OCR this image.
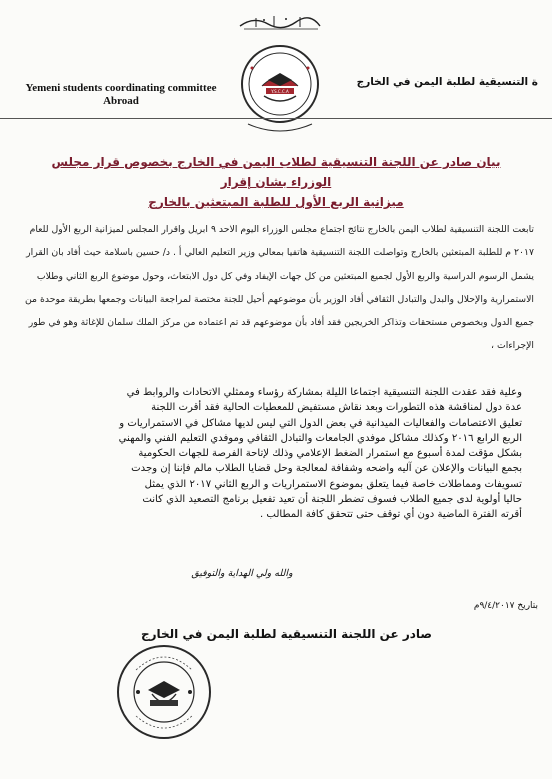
ة التنسيقية لطلبة اليمن في الخارج
Yemeni students coordinating committee
Abroad
Y.S.C.C.A
بيان صادر عن اللجنة التنسيقية لطلاب اليمن في الخارج بخصوص قرار مجلس الوزراء بشان إقرار
ميزانية الربع الأول للطلبة المبتعثين بالخارج
تابعت اللجنة التنسيقية لطلاب اليمن بالخارج نتائج اجتماع مجلس الوزراء اليوم الاحد ٩ ابريل واقرار المجلس لميزانية الربع الأول للعام
٢٠١٧ م للطلبة المبتعثين بالخارج وتواصلت اللجنة التنسيقية هاتفيا بمعالي وزير التعليم العالي أ . د/ حسين باسلامة حيث أفاد بان القرار
يشمل الرسوم الدراسية والربع الأول لجميع المبتعثين من كل جهات الإيفاد وفي كل دول الابتعاث، وحول موضوع الربع الثاني وطلاب
الاستمرارية والإحلال والبدل والتبادل الثقافي أفاد الوزير بأن موضوعهم أحيل للجنة مختصة لمراجعة البيانات وجمعها بطريقة موحدة من
جميع الدول وبخصوص مستحقات وتذاكر الخريجين فقد أفاد بأن موضوعهم قد تم اعتماده من مركز الملك سلمان للإغاثة وهو في طور
الإجراءات ،
وعلية فقد عقدت اللجنة التنسيقية اجتماعا الليلة بمشاركة رؤساء وممثلي الاتحادات والروابط في
عدة دول لمناقشة هذه التطورات وبعد نقاش مستفيض للمعطيات الحالية فقد أقرت اللجنة
تعليق الاعتصامات والفعاليات الميدانية في بعض الدول التي ليس لديها مشاكل في الاستمراريات و
الربع الرابع ٢٠١٦ وكذلك مشاكل موفدي الجامعات والتبادل الثقافي وموفدي التعليم الفني والمهني
بشكل مؤقت لمدة أسبوع مع استمرار الضغط الإعلامي وذلك لإتاحة الفرصة للجهات الحكومية
بجمع البيانات والإعلان عن آليه واضحه وشفافة لمعالجة وحل قضايا الطلاب مالم فإننا إن وجدت
تسويفات ومماطلات خاصة فيما يتعلق بموضوع الاستمراريات و الربع الثاني ٢٠١٧ الذي يمثل
حاليا أولوية لدى جميع الطلاب فسوف تضطر اللجنة أن تعيد تفعيل برنامج التصعيد الذي كانت
أقرته الفترة الماضية دون أي توقف حتى تتحقق كافة المطالب .
والله ولي الهداية والتوفيق
بتاريخ ٩/٤/٢٠١٧م
صادر عن اللجنة التنسيقية لطلبة اليمن في الخارج
